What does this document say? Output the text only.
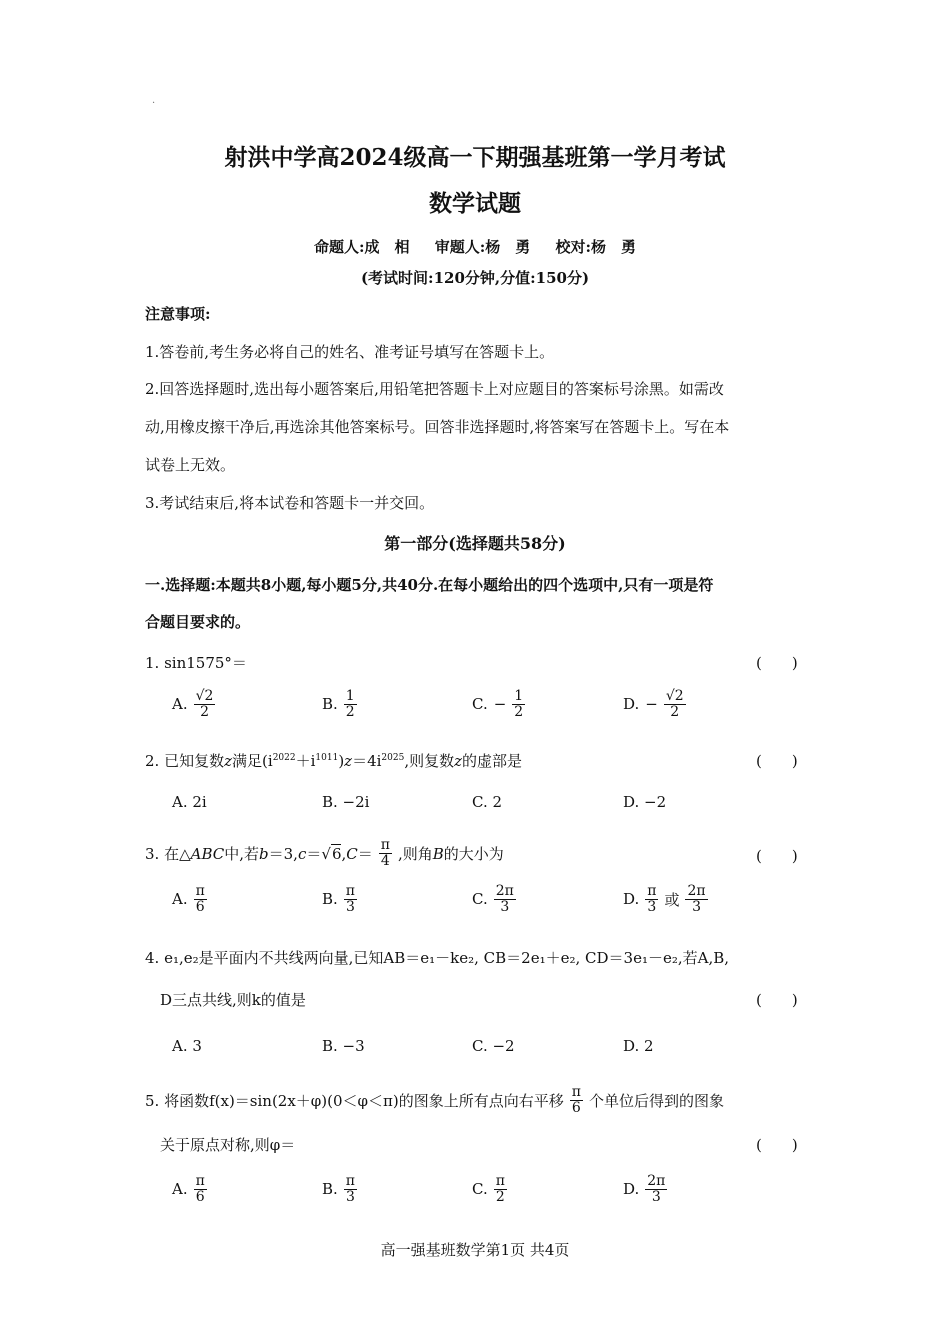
·
射洪中学高2024级高一下期强基班第一学月考试
数学试题
命题人:成　相 审题人:杨　勇 校对:杨　勇
(考试时间:120分钟,分值:150分)
注意事项:
1.答卷前,考生务必将自己的姓名、准考证号填写在答题卡上。
2.回答选择题时,选出每小题答案后,用铅笔把答题卡上对应题目的答案标号涂黑。如需改
动,用橡皮擦干净后,再选涂其他答案标号。回答非选择题时,将答案写在答题卡上。写在本
试卷上无效。
3.考试结束后,将本试卷和答题卡一并交回。
第一部分(选择题共58分)
一.选择题:本题共8小题,每小题5分,共40分.在每小题给出的四个选项中,只有一项是符
合题目要求的。
1. sin1575°＝	(　　)
A. $\frac{√2}{2}$	B. $\frac{1}{2}$	C. − $\frac{1}{2}$	D. − $\frac{√2}{2}$
2. 已知复数z满足$(i^{2022}+i^{1011})z=4i^{2025}$,则复数z的虚部是	(　　)
A. 2i	B. −2i	C. 2	D. −2
3. 在△ABC中,若$b=3,c=√6,C= \frac{\pi}{4}$ ,则角B的大小为	(　　)
A. $\frac{\pi}{6}$	B. $\frac{\pi}{3}$	C. $\frac{2\pi}{3}$	D. $\frac{\pi}{3}$ 或 $\frac{2\pi}{3}$
4. e₁,e₂是平面内不共线两向量,已知AB＝e₁－ke₂, CB＝2e₁＋e₂, CD＝3e₁－e₂,若A,B,
D三点共线,则k的值是	(　　)
A. 3	B. −3	C. −2	D. 2
5. 将函数f(x)＝sin(2x＋φ)(0＜φ＜π)的图象上所有点向右平移 $\frac{\pi}{6}$ 个单位后得到的图象
关于原点对称,则φ＝	(　　)
A. $\frac{\pi}{6}$	B. $\frac{\pi}{3}$	C. $\frac{\pi}{2}$	D. $\frac{2\pi}{3}$
高一强基班数学第1页 共4页
